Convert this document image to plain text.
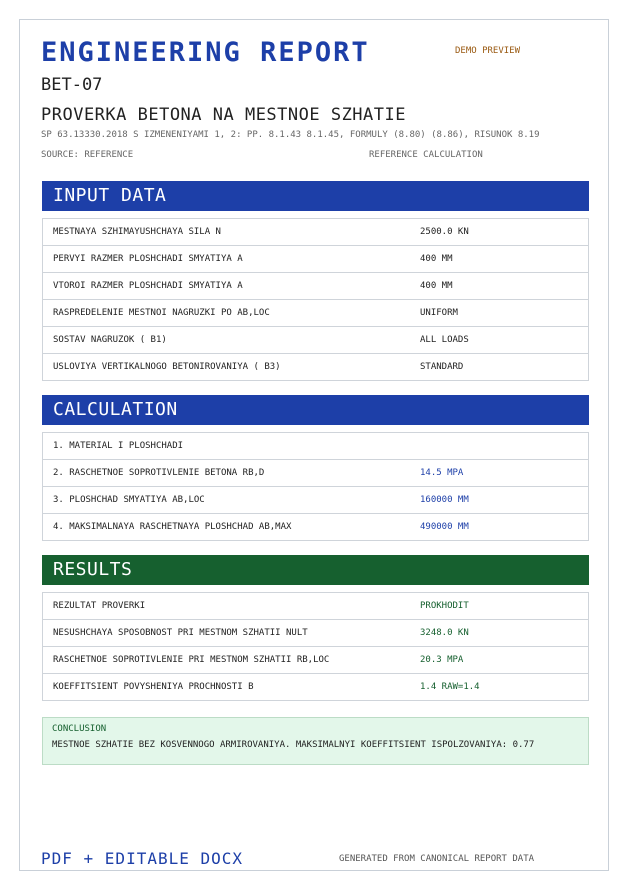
ENGINEERING REPORT	DEMO PREVIEW
BET-07
PROVERKA BETONA NA MESTNOE SZHATIE
SP 63.13330.2018 S IZMENENIYAMI 1, 2: PP. 8.1.43 8.1.45, FORMULY (8.80) (8.86), RISUNOK 8.19
SOURCE: REFERENCE	REFERENCE CALCULATION
INPUT DATA
MESTNAYA SZHIMAYUSHCHAYA SILA N	2500.0 KN
PERVYI RAZMER PLOSHCHADI SMYATIYA A	400 MM
VTOROI RAZMER PLOSHCHADI SMYATIYA A	400 MM
RASPREDELENIE MESTNOI NAGRUZKI PO AB,LOC	UNIFORM
SOSTAV NAGRUZOK ( B1)	ALL LOADS
USLOVIYA VERTIKALNOGO BETONIROVANIYA ( B3)	STANDARD
CALCULATION
1. MATERIAL I PLOSHCHADI
2. RASCHETNOE SOPROTIVLENIE BETONA RB,D	14.5 MPA
3. PLOSHCHAD SMYATIYA AB,LOC	160000 MM
4. MAKSIMALNAYA RASCHETNAYA PLOSHCHAD AB,MAX	490000 MM
RESULTS
REZULTAT PROVERKI	PROKHODIT
NESUSHCHAYA SPOSOBNOST PRI MESTNOM SZHATII NULT	3248.0 KN
RASCHETNOE SOPROTIVLENIE PRI MESTNOM SZHATII RB,LOC	20.3 MPA
KOEFFITSIENT POVYSHENIYA PROCHNOSTI B	1.4 RAW=1.4
CONCLUSION
MESTNOE SZHATIE BEZ KOSVENNOGO ARMIROVANIYA. MAKSIMALNYI KOEFFITSIENT ISPOLZOVANIYA: 0.77
PDF + EDITABLE DOCX	GENERATED FROM CANONICAL REPORT DATA
